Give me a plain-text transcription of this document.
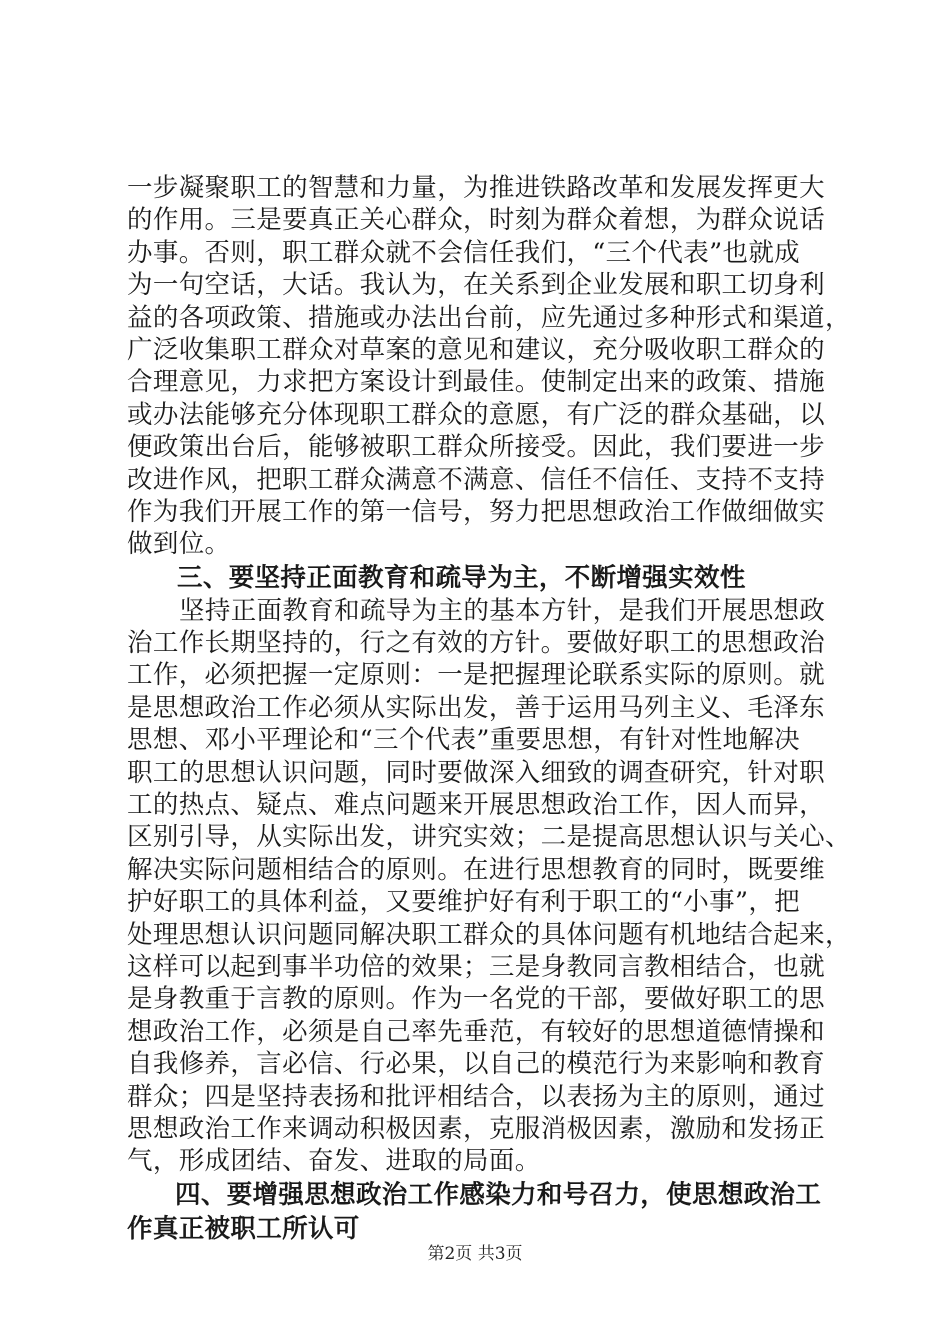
一步凝聚职工的智慧和力量，为推进铁路改革和发展发挥更大
的作用。三是要真正关心群众，时刻为群众着想，为群众说话
办事。否则，职工群众就不会信任我们，“三个代表”也就成
为一句空话，大话。我认为，在关系到企业发展和职工切身利
益的各项政策、措施或办法出台前，应先通过多种形式和渠道，
广泛收集职工群众对草案的意见和建议，充分吸收职工群众的
合理意见，力求把方案设计到最佳。使制定出来的政策、措施
或办法能够充分体现职工群众的意愿，有广泛的群众基础，以
便政策出台后，能够被职工群众所接受。因此，我们要进一步
改进作风，把职工群众满意不满意、信任不信任、支持不支持
作为我们开展工作的第一信号，努力把思想政治工作做细做实
做到位。
三、要坚持正面教育和疏导为主，不断增强实效性
坚持正面教育和疏导为主的基本方针，是我们开展思想政
治工作长期坚持的，行之有效的方针。要做好职工的思想政治
工作，必须把握一定原则：一是把握理论联系实际的原则。就
是思想政治工作必须从实际出发，善于运用马列主义、毛泽东
思想、邓小平理论和“三个代表”重要思想，有针对性地解决
职工的思想认识问题，同时要做深入细致的调查研究，针对职
工的热点、疑点、难点问题来开展思想政治工作，因人而异，
区别引导，从实际出发，讲究实效；二是提高思想认识与关心、
解决实际问题相结合的原则。在进行思想教育的同时，既要维
护好职工的具体利益，又要维护好有利于职工的“小事”，把
处理思想认识问题同解决职工群众的具体问题有机地结合起来，
这样可以起到事半功倍的效果；三是身教同言教相结合，也就
是身教重于言教的原则。作为一名党的干部，要做好职工的思
想政治工作，必须是自己率先垂范，有较好的思想道德情操和
自我修养，言必信、行必果，以自己的模范行为来影响和教育
群众；四是坚持表扬和批评相结合，以表扬为主的原则，通过
思想政治工作来调动积极因素，克服消极因素，激励和发扬正
气，形成团结、奋发、进取的局面。
四、要增强思想政治工作感染力和号召力，使思想政治工
作真正被职工所认可
第2页 共3页
